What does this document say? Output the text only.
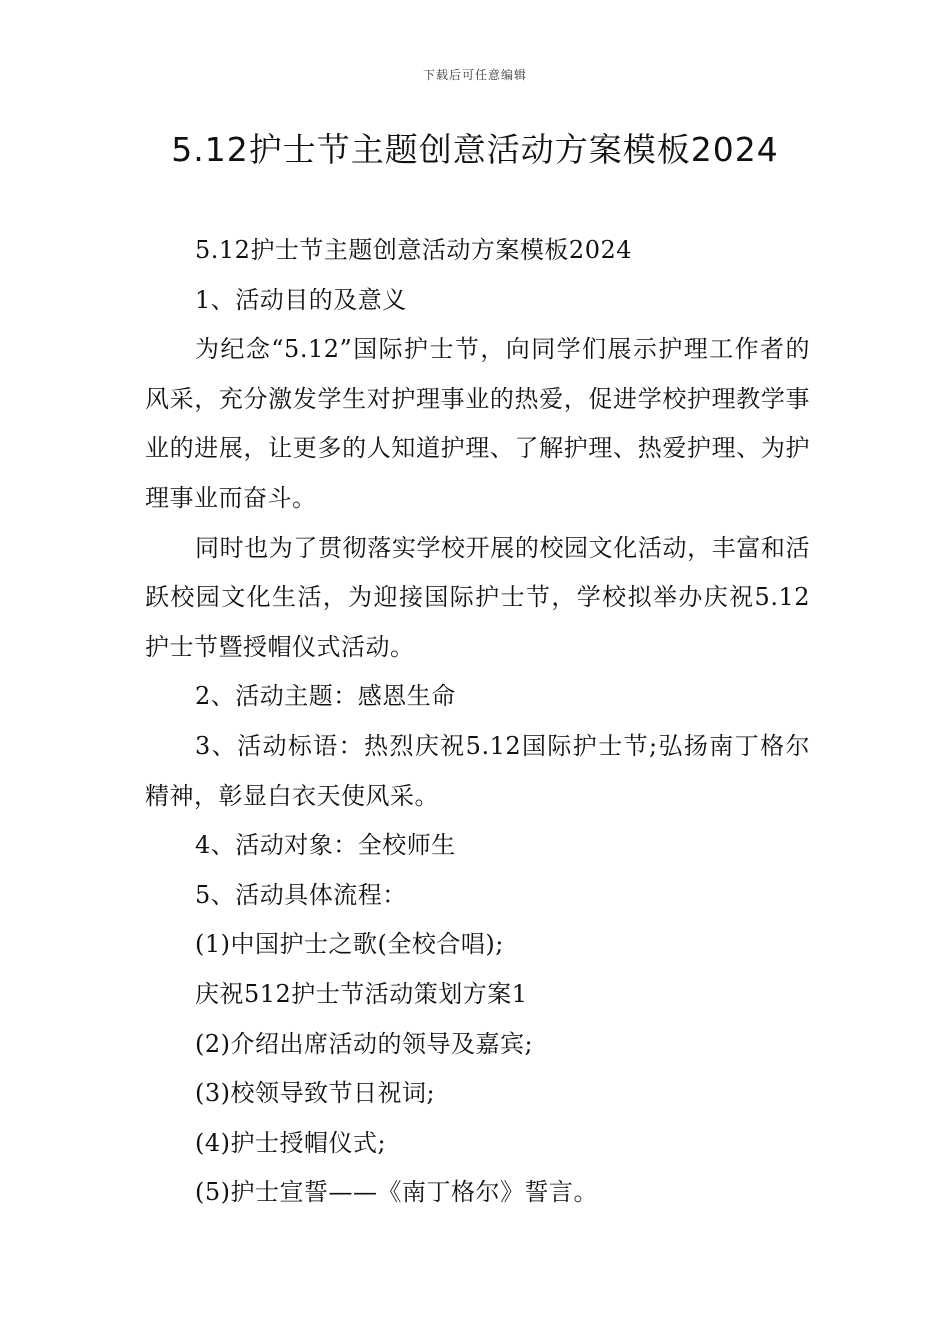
下载后可任意编辑
5.12护士节主题创意活动方案模板2024

5.12护士节主题创意活动方案模板2024

1、活动目的及意义

为纪念“5.12”国际护士节，向同学们展示护理工作者的风采，充分激发学生对护理事业的热爱，促进学校护理教学事业的进展，让更多的人知道护理、了解护理、热爱护理、为护理事业而奋斗。

同时也为了贯彻落实学校开展的校园文化活动，丰富和活跃校园文化生活，为迎接国际护士节，学校拟举办庆祝5.12护士节暨授帽仪式活动。

2、活动主题：感恩生命

3、活动标语：热烈庆祝5.12国际护士节;弘扬南丁格尔精神，彰显白衣天使风采。

4、活动对象：全校师生

5、活动具体流程：

(1)中国护士之歌(全校合唱);

庆祝512护士节活动策划方案1

(2)介绍出席活动的领导及嘉宾;

(3)校领导致节日祝词;

(4)护士授帽仪式;

(5)护士宣誓——《南丁格尔》誓言。
